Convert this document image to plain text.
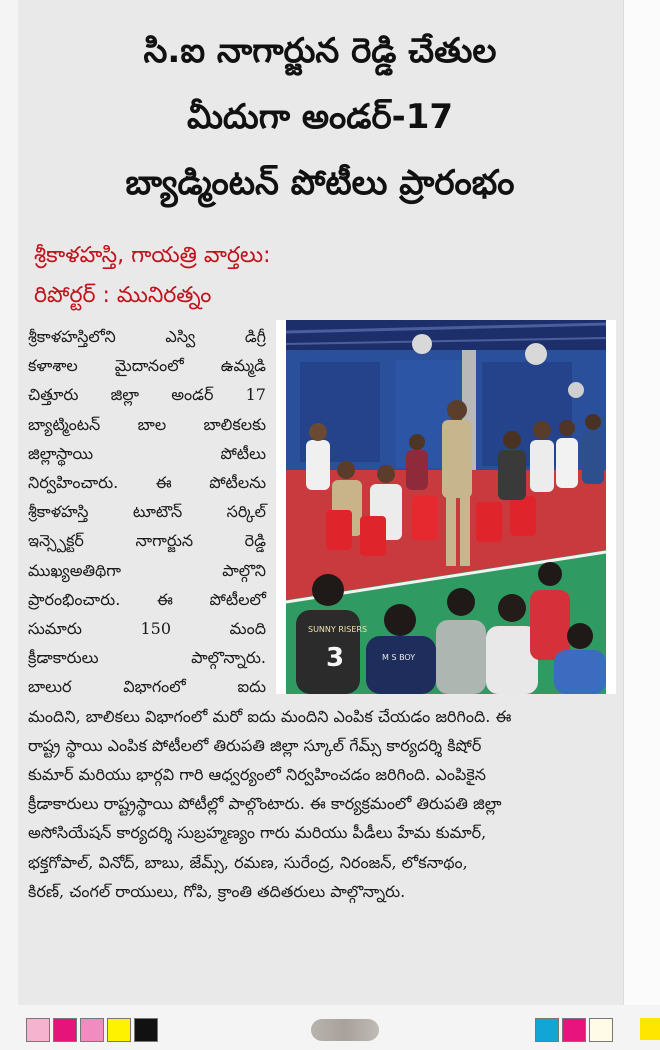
సి.ఐ నాగార్జున రెడ్డి చేతుల
మీదుగా అండర్-17
బ్యాడ్మింటన్ పోటీలు ప్రారంభం
శ్రీకాళహస్తి, గాయత్రి వార్తలు:
రిపోర్టర్ : మునిరత్నం

శ్రీకాళహస్తిలోని ఎస్వి డిగ్రీ

కళాశాల మైదానంలో ఉమ్మడి

చిత్తూరు జిల్లా అండర్ 17

బ్యాట్మింటన్ బాల బాలికలకు

జిల్లాస్థాయి పోటీలు

నిర్వహించారు. ఈ పోటీలను

శ్రీకాళహస్తి టూటౌన్ సర్కిల్

ఇన్స్పెక్టర్ నాగార్జున రెడ్డి

ముఖ్యఅతిథిగా పాల్గొని

ప్రారంభించారు. ఈ పోటీలలో

సుమారు 150 మంది

క్రీడాకారులు పాల్గొన్నారు.

బాలుర విభాగంలో ఐదు

మందిని, బాలికలు విభాగంలో మరో ఐదు మందిని ఎంపిక చేయడం జరిగింది. ఈ

రాష్ట్ర స్థాయి ఎంపిక పోటీలలో తిరుపతి జిల్లా స్కూల్ గేమ్స్ కార్యదర్శి కిషోర్

కుమార్ మరియు భార్గవి గారి ఆధ్వర్యంలో నిర్వహించడం జరిగింది. ఎంపికైన

క్రీడాకారులు రాష్ట్రస్థాయి పోటీల్లో పాల్గొంటారు. ఈ కార్యక్రమంలో తిరుపతి జిల్లా

అసోసియేషన్ కార్యదర్శి సుబ్రహ్మణ్యం గారు మరియు పీడీలు హేమ కుమార్,

భక్తగోపాల్, వినోద్, బాబు, జేమ్స్, రమణ, సురేంద్ర, నిరంజన్, లోకనాథం,

కిరణ్, చంగల్ రాయులు, గోపి, క్రాంతి తదితరులు పాల్గొన్నారు.

SUNNY RISERS
3	M S BOY
